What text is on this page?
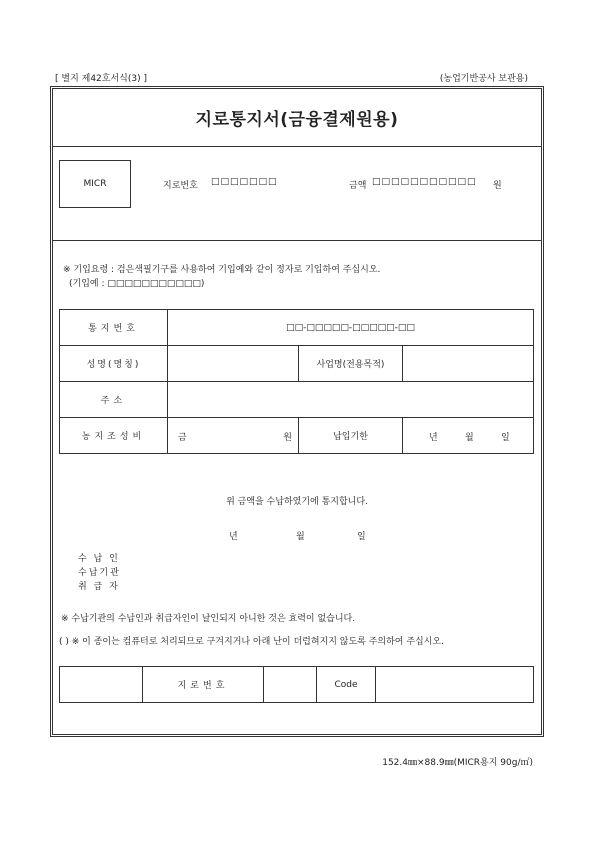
[ 별지 제42호서식(3) ]	(농업기반공사 보관용)
지로통지서(금융결제원용)
MICR	지로번호 □□□□□□□	금액 □□□□□□□□□□□ 원
※ 기입요령 : 검은색필기구를 사용하여 기입예와 같이 정자로 기입하여 주십시오.
(기입예 : □□□□□□□□□□□)
통지번호	□□-□□□□□-□□□□□-□□		
성명(명칭)		사업명(전용목적)	
주소			
농지조성비	금 원	납입기한	년 월 일
위 금액을 수납하였기에 통지합니다.
년	월	일
수 납 인
수납기관
취 급 자
※ 수납기관의 수납인과 취급자인이 날인되지 아니한 것은 효력이 없습니다.
( ) ※ 이 종이는 컴퓨터로 처리되므로 구겨지거나 아래 난이 더럽혀지지 않도록 주의하여 주십시오.
	지로번호		Code	
152.4㎜×88.9㎜(MICR용지 90g/㎡)
